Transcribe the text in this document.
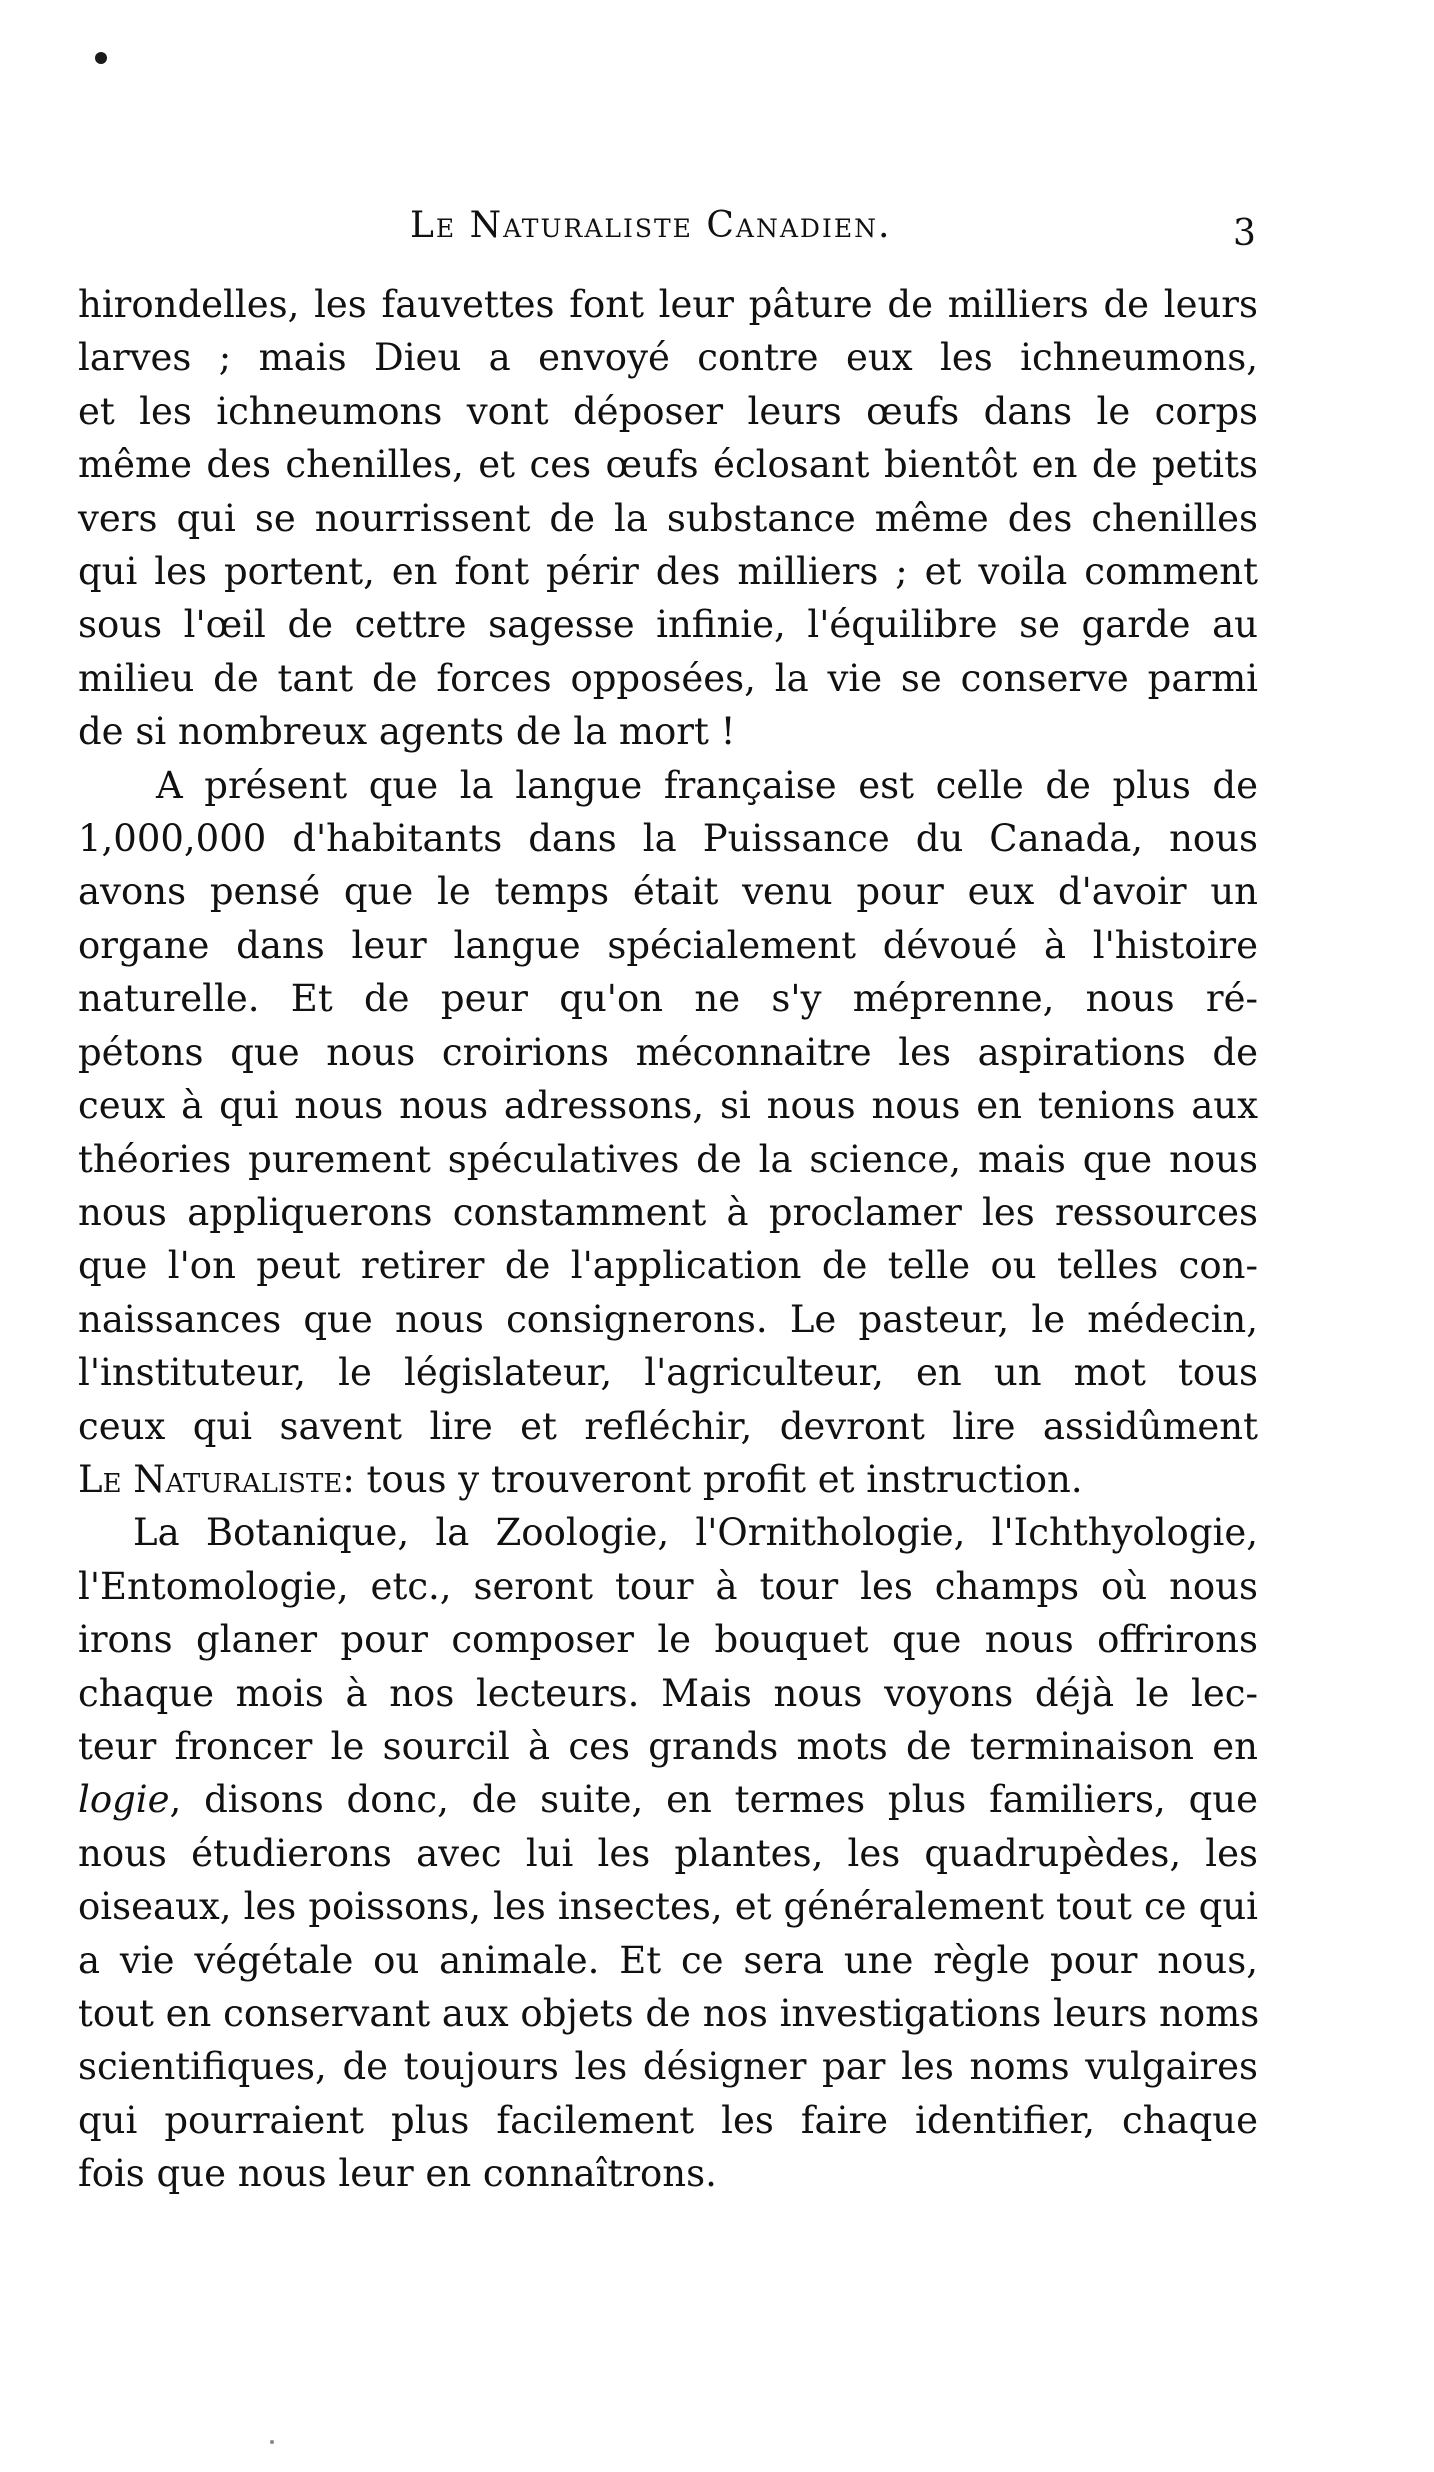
Le Naturaliste Canadien.	3

hirondelles, les fauvettes font leur pâture de milliers de leurs
larves ; mais Dieu a envoyé contre eux les ichneumons,
et les ichneumons vont déposer leurs œufs dans le corps
même des chenilles, et ces œufs éclosant bientôt en de petits
vers qui se nourrissent de la substance même des chenilles
qui les portent, en font périr des milliers ; et voila comment
sous l'œil de cettre sagesse infinie, l'équilibre se garde au
milieu de tant de forces opposées, la vie se conserve parmi
de si nombreux agents de la mort !

A présent que la langue française est celle de plus de
1,000,000 d'habitants dans la Puissance du Canada, nous
avons pensé que le temps était venu pour eux d'avoir un
organe dans leur langue spécialement dévoué à l'histoire
naturelle. Et de peur qu'on ne s'y méprenne, nous ré-
pétons que nous croirions méconnaitre les aspirations de
ceux à qui nous nous adressons, si nous nous en tenions aux
théories purement spéculatives de la science, mais que nous
nous appliquerons constamment à proclamer les ressources
que l'on peut retirer de l'application de telle ou telles con-
naissances que nous consignerons. Le pasteur, le médecin,
l'instituteur, le législateur, l'agriculteur, en un mot tous
ceux qui savent lire et refléchir, devront lire assidûment
Le Naturaliste: tous y trouveront profit et instruction.

La Botanique, la Zoologie, l'Ornithologie, l'Ichthyologie,
l'Entomologie, etc., seront tour à tour les champs où nous
irons glaner pour composer le bouquet que nous offrirons
chaque mois à nos lecteurs. Mais nous voyons déjà le lec-
teur froncer le sourcil à ces grands mots de terminaison en
logie, disons donc, de suite, en termes plus familiers, que
nous étudierons avec lui les plantes, les quadrupèdes, les
oiseaux, les poissons, les insectes, et généralement tout ce qui
a vie végétale ou animale. Et ce sera une règle pour nous,
tout en conservant aux objets de nos investigations leurs noms
scientifiques, de toujours les désigner par les noms vulgaires
qui pourraient plus facilement les faire identifier, chaque
fois que nous leur en connaîtrons.
